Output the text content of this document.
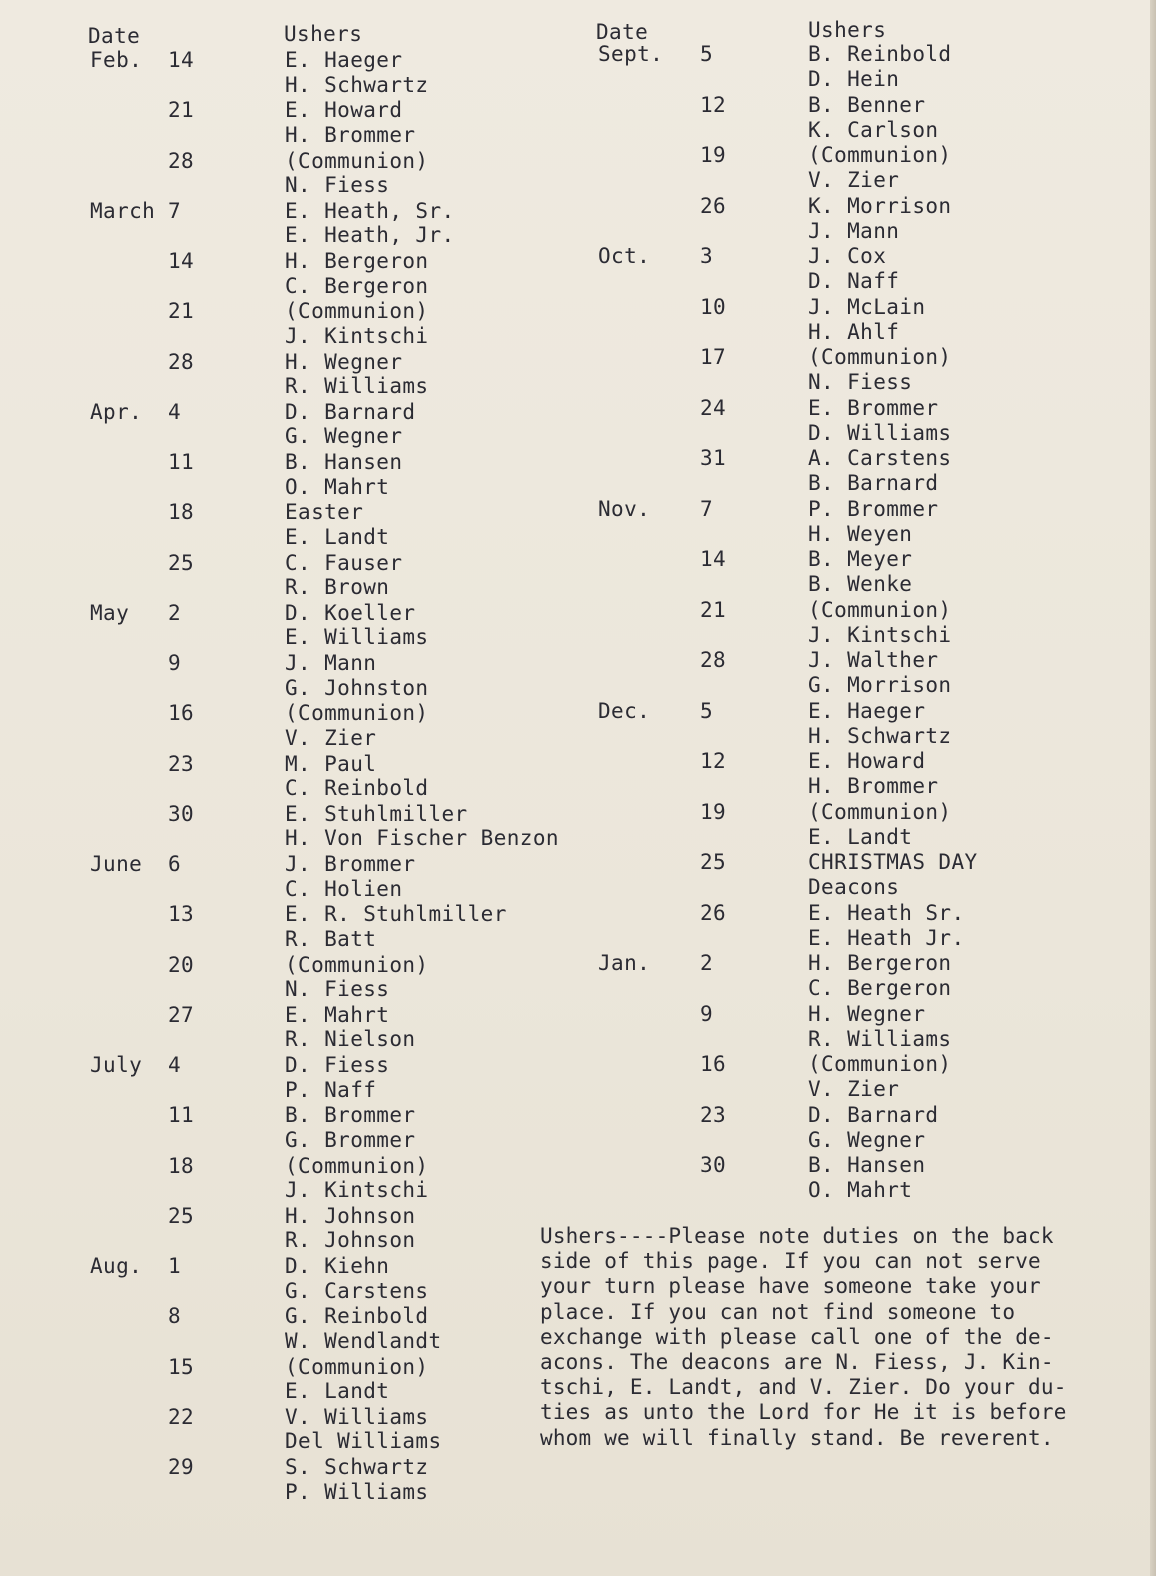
Date	Ushers	Date	Ushers
Feb. 14	E. Haeger
H. Schwartz
21	E. Howard
H. Brommer
28	(Communion)
N. Fiess
March 7	E. Heath, Sr.
E. Heath, Jr.
14	H. Bergeron
C. Bergeron
21	(Communion)
J. Kintschi
28	H. Wegner
R. Williams
Apr. 4	D. Barnard
G. Wegner
11	B. Hansen
O. Mahrt
18	Easter
E. Landt
25	C. Fauser
R. Brown
May 2	D. Koeller
E. Williams
9	J. Mann
G. Johnston
16	(Communion)
V. Zier
23	M. Paul
C. Reinbold
30	E. Stuhlmiller
H. Von Fischer Benzon
June 6	J. Brommer
C. Holien
13	E. R. Stuhlmiller
R. Batt
20	(Communion)
N. Fiess
27	E. Mahrt
R. Nielson
July 4	D. Fiess
P. Naff
11	B. Brommer
G. Brommer
18	(Communion)
J. Kintschi
25	H. Johnson
R. Johnson
Aug. 1	D. Kiehn
G. Carstens
8	G. Reinbold
W. Wendlandt
15	(Communion)
E. Landt
22	V. Williams
Del Williams
29	S. Schwartz
P. Williams
Sept. 5	B. Reinbold
D. Hein
12	B. Benner
K. Carlson
19	(Communion)
V. Zier
26	K. Morrison
J. Mann
Oct. 3	J. Cox
D. Naff
10	J. McLain
H. Ahlf
17	(Communion)
N. Fiess
24	E. Brommer
D. Williams
31	A. Carstens
B. Barnard
Nov. 7	P. Brommer
H. Weyen
14	B. Meyer
B. Wenke
21	(Communion)
J. Kintschi
28	J. Walther
G. Morrison
Dec. 5	E. Haeger
H. Schwartz
12	E. Howard
H. Brommer
19	(Communion)
E. Landt
25	CHRISTMAS DAY
Deacons
26	E. Heath Sr.
E. Heath Jr.
Jan. 2	H. Bergeron
C. Bergeron
9	H. Wegner
R. Williams
16	(Communion)
V. Zier
23	D. Barnard
G. Wegner
30	B. Hansen
O. Mahrt
Ushers----Please note duties on the back
side of this page. If you can not serve
your turn please have someone take your
place. If you can not find someone to
exchange with please call one of the de-
acons. The deacons are N. Fiess, J. Kin-
tschi, E. Landt, and V. Zier. Do your du-
ties as unto the Lord for He it is before
whom we will finally stand. Be reverent.
